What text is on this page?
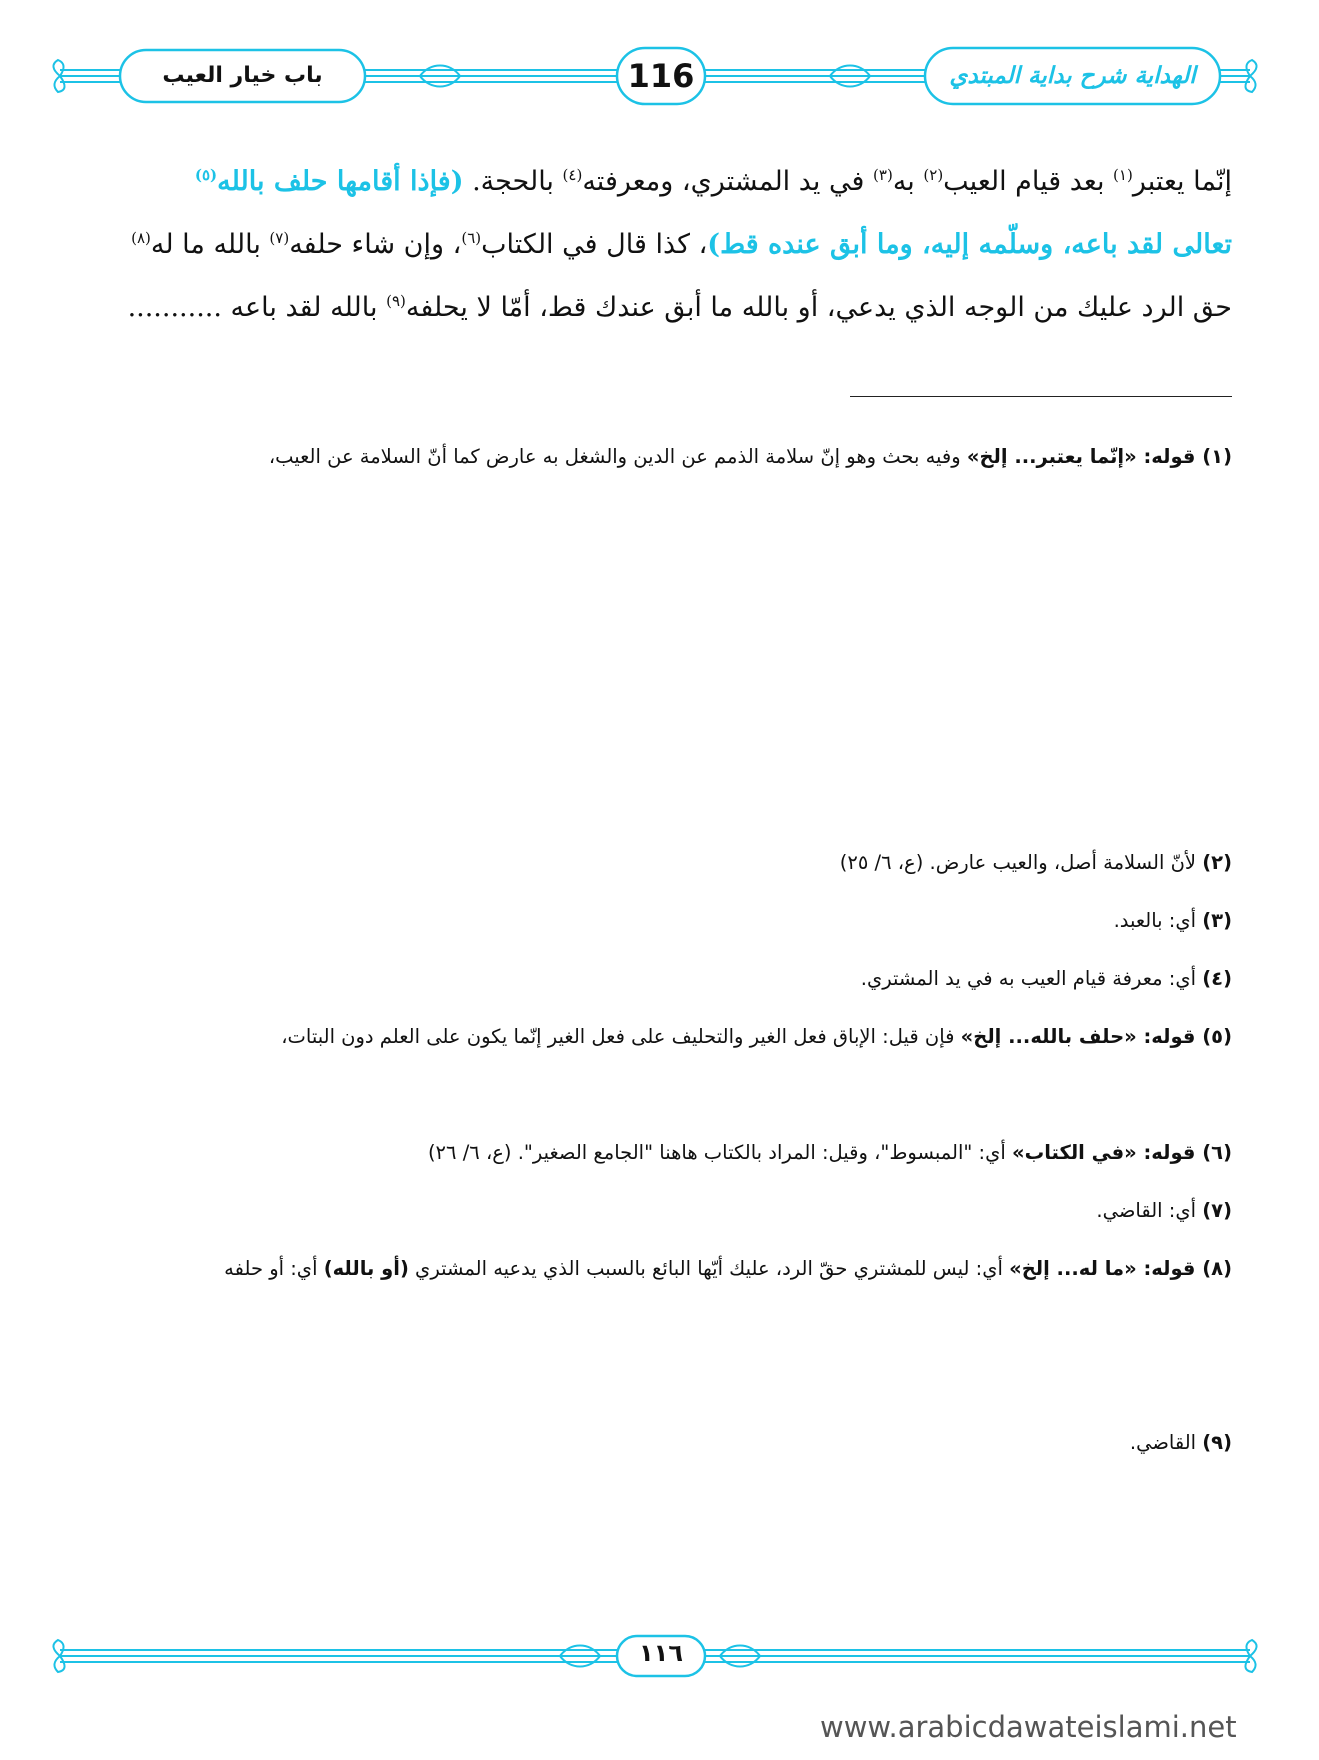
باب خيار العيب	116	الهداية شرح بداية المبتدي
إنّما يعتبر$^{(١)}$ بعد قيام العيب$^{(٢)}$ به$^{(٣)}$ في يد المشتري، ومعرفته$^{(٤)}$ بالحجة. (فإذا أقامها حلف بالله$^{(٥)}$
تعالى لقد باعه، وسلّمه إليه، وما أبق عنده قط)، كذا قال في الكتاب$^{(٦)}$، وإن شاء حلفه$^{(٧)}$ بالله ما له$^{(٨)}$
حق الرد عليك من الوجه الذي يدعي، أو بالله ما أبق عندك قط، أمّا لا يحلفه$^{(٩)}$ بالله لقد باعه ...........
(١) قوله: «إنّما يعتبر... إلخ» وفيه بحث وهو إنّ سلامة الذمم عن الدين والشغل به عارض كما أنّ السلامة عن العيب،
(٢) لأنّ السلامة أصل، والعيب عارض. (ع، ٦/ ٢٥)
(٣) أي: بالعبد.
(٤) أي: معرفة قيام العيب به في يد المشتري.
(٥) قوله: «حلف بالله... إلخ» فإن قيل: الإباق فعل الغير والتحليف على فعل الغير إنّما يكون على العلم دون البتات،
(٦) قوله: «في الكتاب» أي: "المبسوط"، وقيل: المراد بالكتاب هاهنا "الجامع الصغير". (ع، ٦/ ٢٦)
(٧) أي: القاضي.
(٨) قوله: «ما له... إلخ» أي: ليس للمشتري حقّ الرد، عليك أيّها البائع بالسبب الذي يدعيه المشتري (أو بالله) أي: أو حلفه
(٩) القاضي.
١١٦
www.arabicdawateislami.net
